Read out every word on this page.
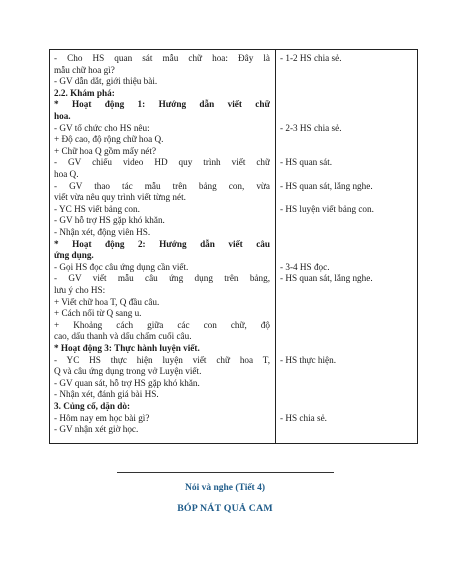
- Cho HS quan sát mẫu chữ hoa: Đây là
mẫu chữ hoa gì?
- GV dẫn dắt, giới thiệu bài.
2.2. Khám phá:
* Hoạt động 1: Hướng dẫn viết chữ
hoa.
- GV tổ chức cho HS nêu:
+ Độ cao, độ rộng chữ hoa Q.
+ Chữ hoa Q gồm mấy nét?
- GV chiếu video HD quy trình viết chữ
hoa Q.
- GV thao tác mẫu trên bảng con, vừa
viết vừa nêu quy trình viết từng nét.
- YC HS viết bảng con.
- GV hỗ trợ HS gặp khó khăn.
- Nhận xét, động viên HS.
* Hoạt động 2: Hướng dẫn viết câu
ứng dụng.
- Gọi HS đọc câu ứng dụng cần viết.
- GV viết mẫu câu ứng dụng trên bảng,
lưu ý cho HS:
+ Viết chữ hoa T, Q đầu câu.
+ Cách nối từ Q sang u.
+ Khoảng cách giữa các con chữ, độ
cao, dấu thanh và dấu chấm cuối câu.
* Hoạt động 3: Thực hành luyện viết.
- YC HS thực hiện luyện viết chữ hoa T,
Q và câu ứng dụng trong vở Luyện viết.
- GV quan sát, hỗ trợ HS gặp khó khăn.
- Nhận xét, đánh giá bài HS.
3. Củng cố, dặn dò:
- Hôm nay em học bài gì?
- GV nhận xét giờ học.
- 1-2 HS chia sẻ.
- 2-3 HS chia sẻ.
- HS quan sát.
- HS quan sát, lắng nghe.
- HS luyện viết bảng con.
- 3-4 HS đọc.
- HS quan sát, lắng nghe.
- HS thực hiện.
- HS chia sẻ.
Nói và nghe (Tiết 4)
BÓP NÁT QUẢ CAM
